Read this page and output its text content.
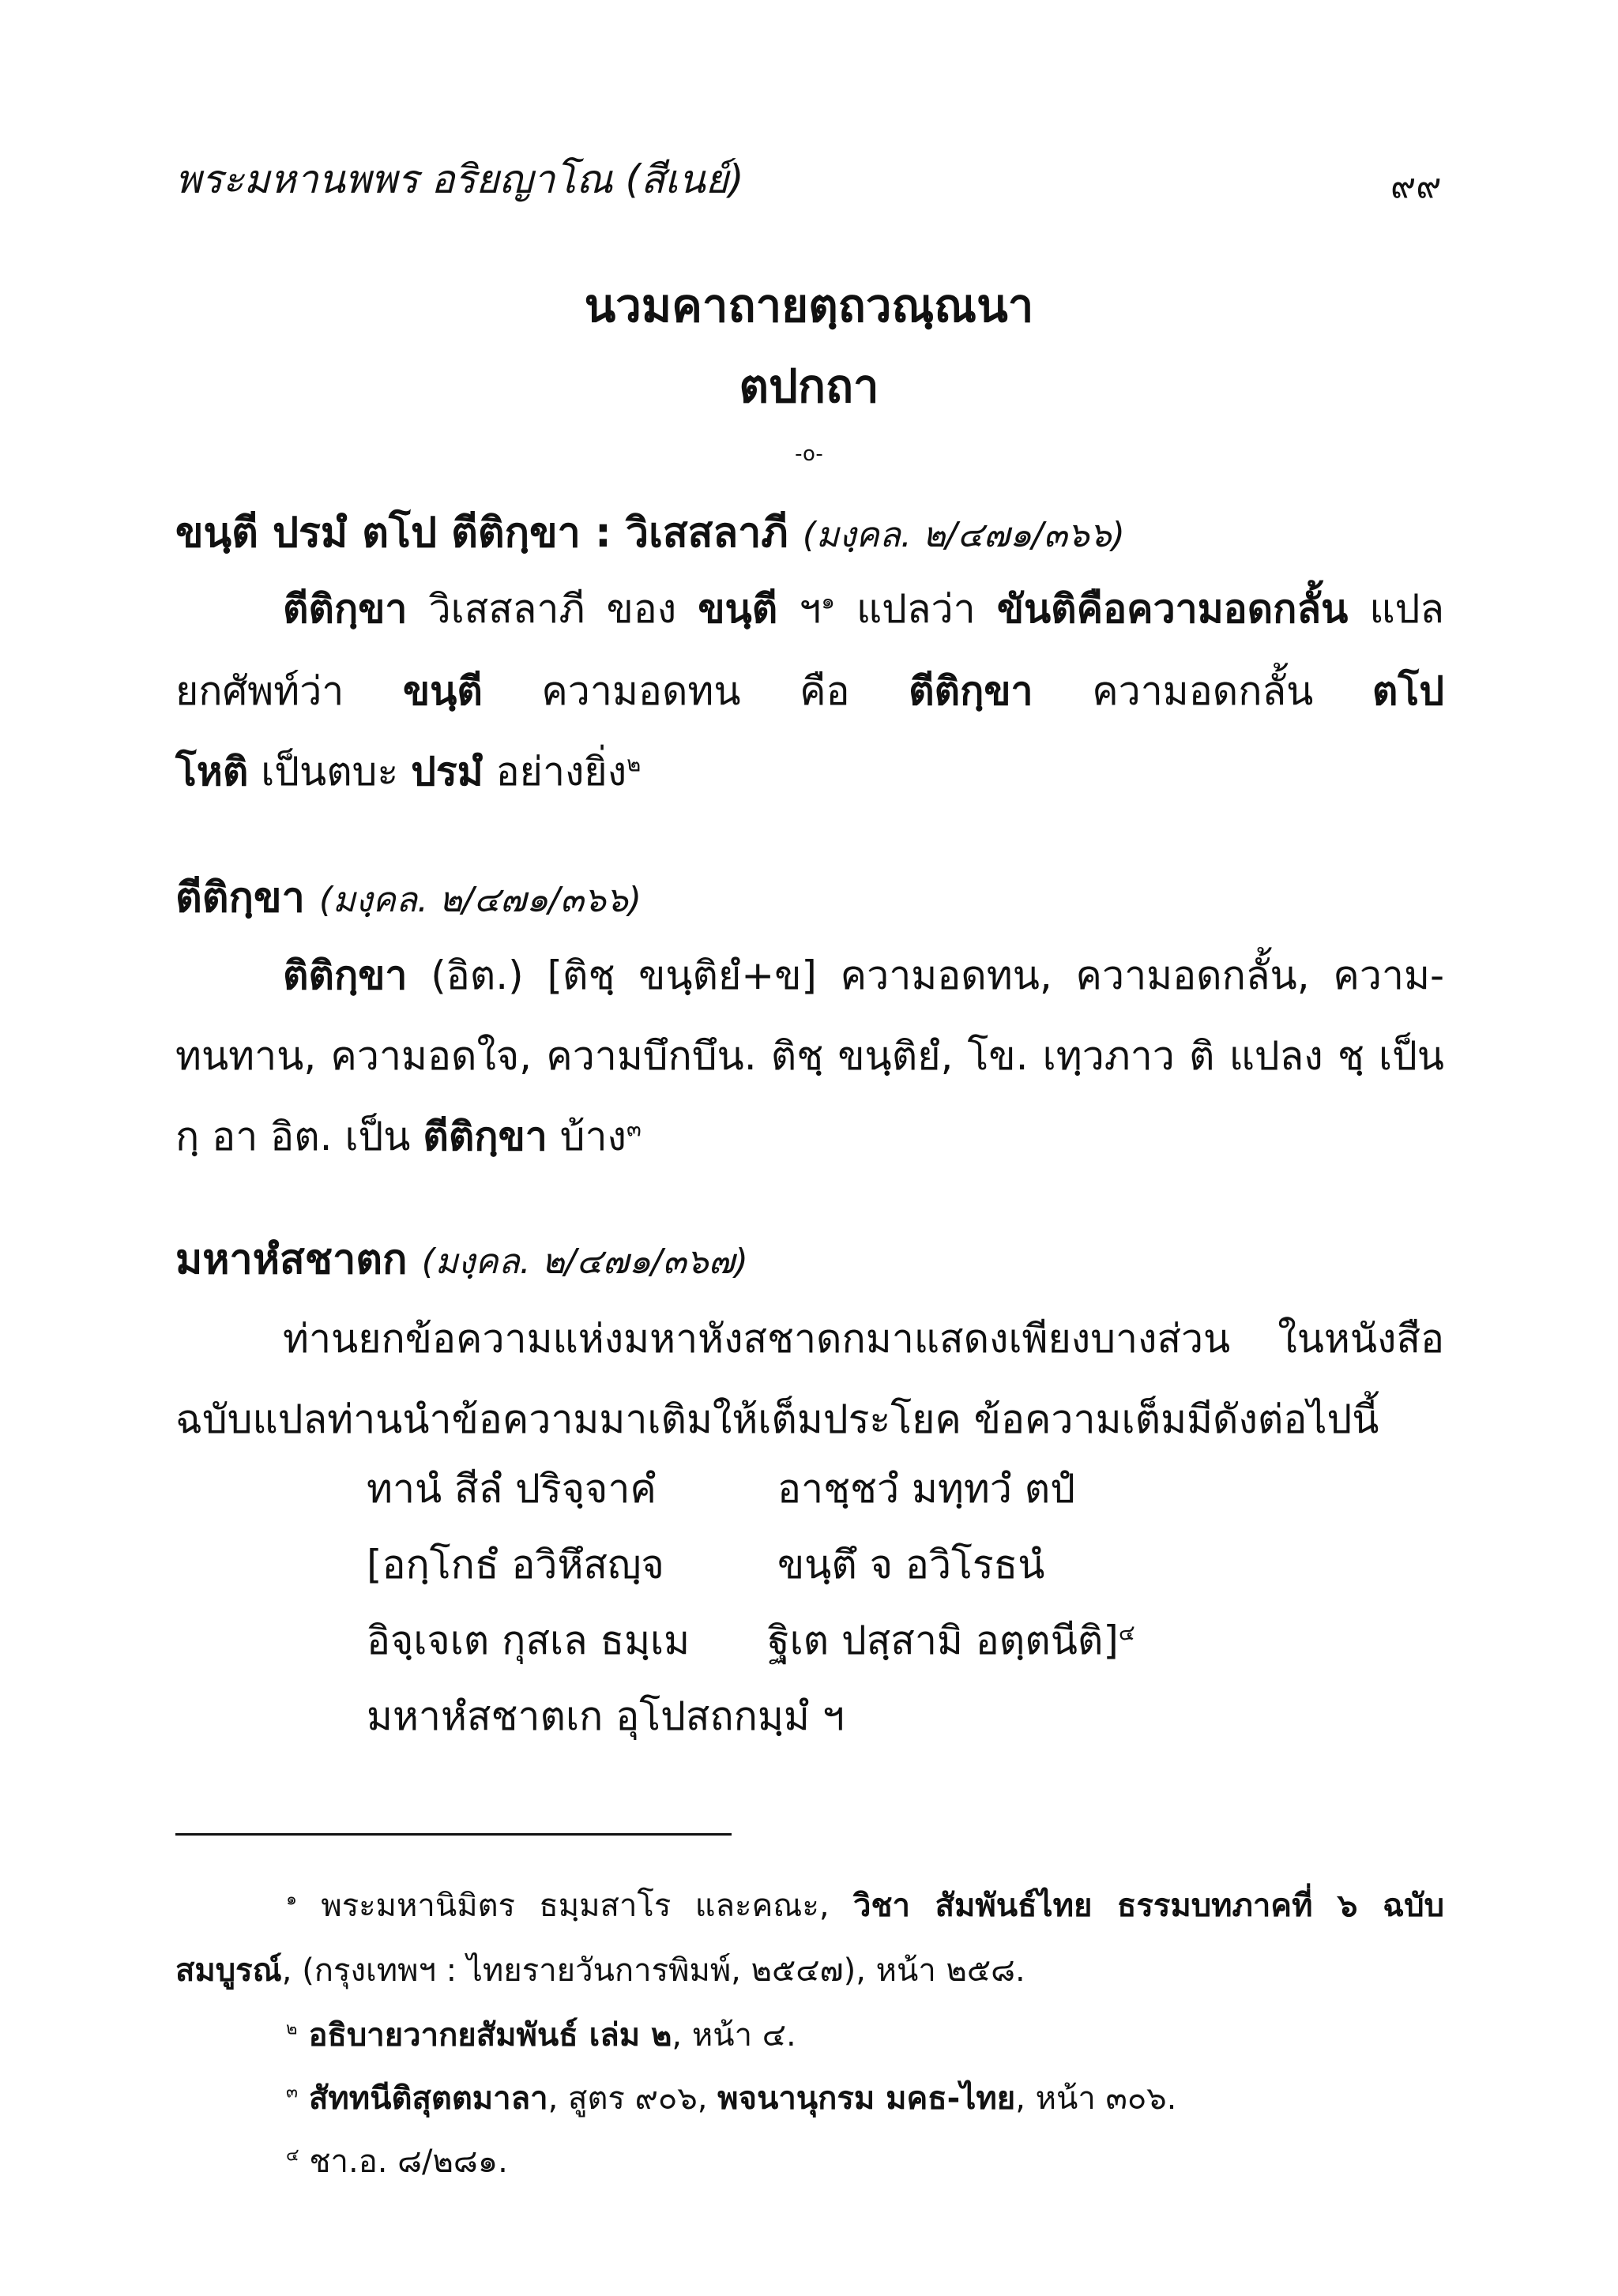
พระมหานพพร อริยญาโณ (สีเนย์)	๙๙
นวมคาถายตฺถวณฺณนา
ตปกถา
-o-
ขนฺตี ปรมํ ตโป ตีติกฺขา : วิเสสลาภี (มงฺคล. ๒/๔๗๑/๓๖๖)
ตีติกฺขา วิเสสลาภี ของ ขนฺตี ฯ$^๑$ แปลว่า ขันติคือความอดกลั้น แปล
ยกศัพท์ว่า ขนฺตี ความอดทน คือ ตีติกฺขา ความอดกลั้น ตโป
โหติ เป็นตบะ ปรมํ อย่างยิ่ง$^๒$
ตีติกฺขา (มงฺคล. ๒/๔๗๑/๓๖๖)
ติติกฺขา (อิต.) [ติชฺ ขนฺติยํ+ข] ความอดทน, ความอดกลั้น, ความ-
ทนทาน, ความอดใจ, ความบึกบึน. ติชฺ ขนฺติยํ, โข. เทฺวภาว ติ แปลง ชฺ เป็น
กฺ อา อิต. เป็น ตีติกฺขา บ้าง$^๓$
มหาหํสชาตก (มงฺคล. ๒/๔๗๑/๓๖๗)
ท่านยกข้อความแห่งมหาหังสชาดกมาแสดงเพียงบางส่วน ในหนังสือ
ฉบับแปลท่านนำข้อความมาเติมให้เต็มประโยค ข้อความเต็มมีดังต่อไปนี้
ทานํ สีลํ ปริจฺจาคํ	อาชฺชวํ มทฺทวํ ตปํ
[อกฺโกธํ อวิหึสญฺจ	ขนฺตึ จ อวิโรธนํ
อิจฺเจเต กุสเล ธมฺเม ฐิเต ปสฺสามิ อตฺตนีติ]$^๔$
มหาหํสชาตเก อุโปสถกมฺมํ ฯ
$^๑$ พระมหานิมิตร ธมฺมสาโร และคณะ, วิชา สัมพันธ์ไทย ธรรมบทภาคที่ ๖ ฉบับ
สมบูรณ์, (กรุงเทพฯ : ไทยรายวันการพิมพ์, ๒๕๔๗), หน้า ๒๕๘.
$^๒$ อธิบายวากยสัมพันธ์ เล่ม ๒, หน้า ๔.
$^๓$ สัททนีติสุตตมาลา, สูตร ๙๐๖, พจนานุกรม มคธ-ไทย, หน้า ๓๐๖.
$^๔$ ชา.อ. ๘/๒๘๑.
